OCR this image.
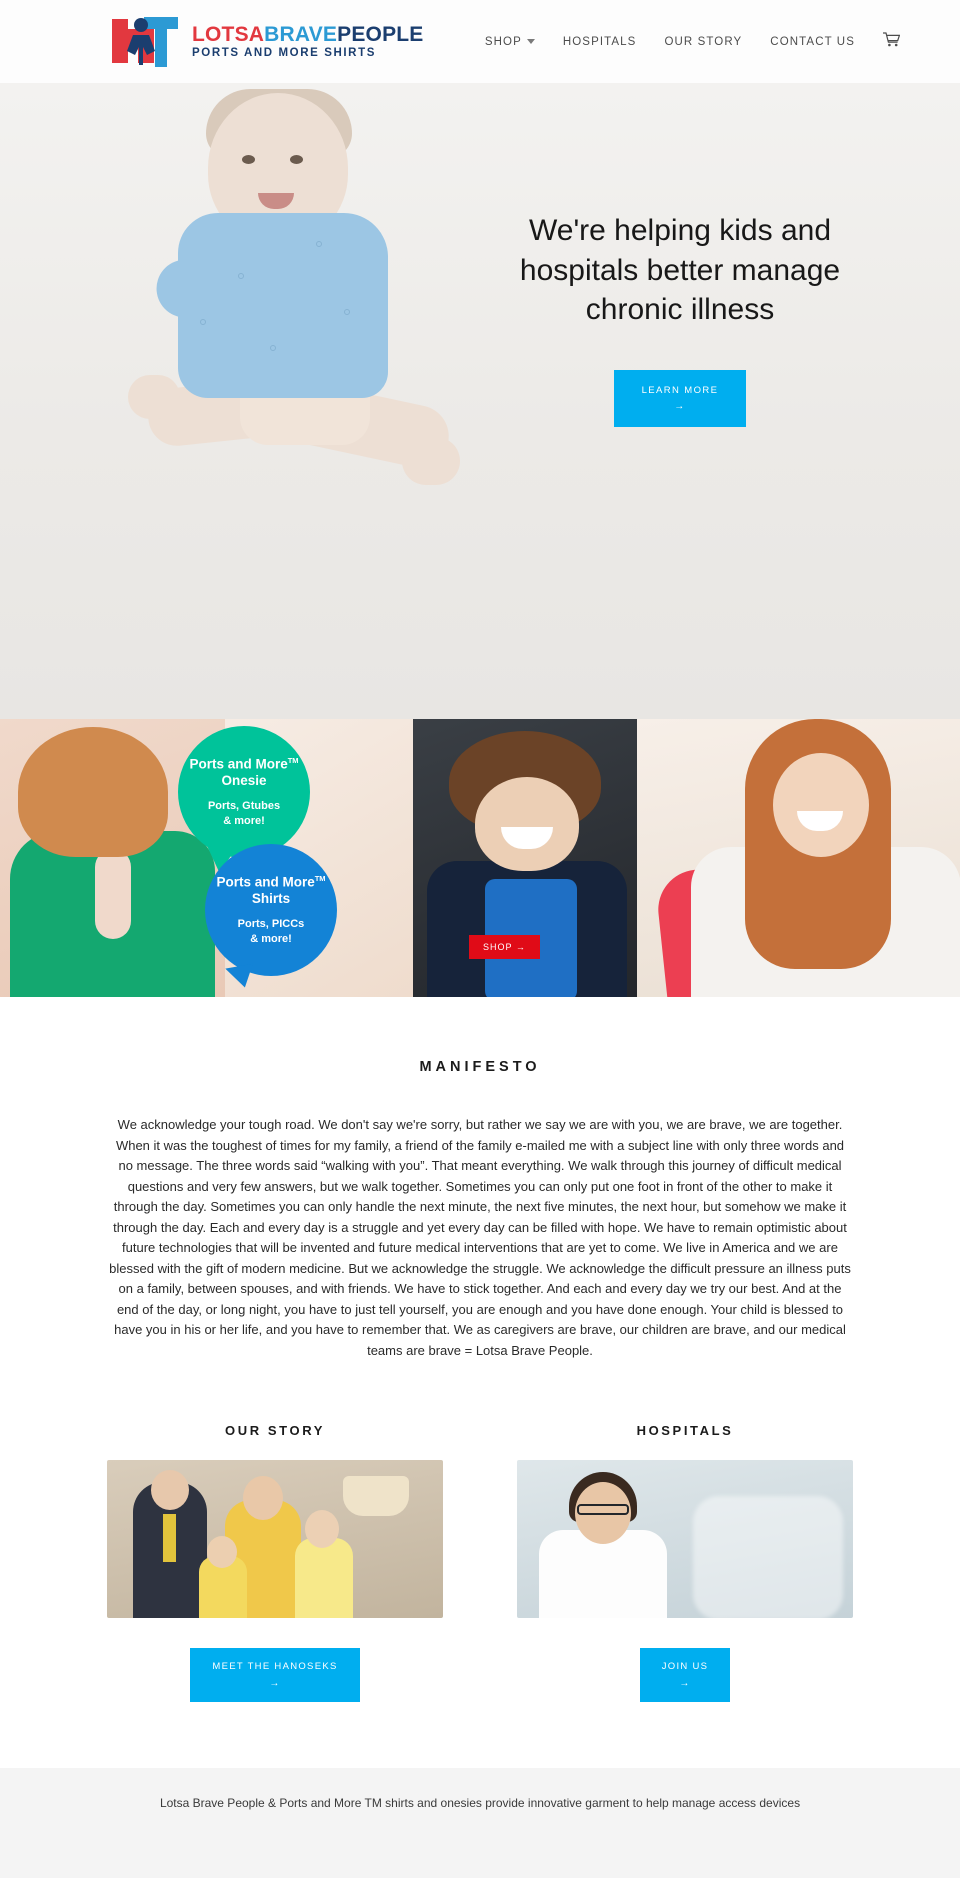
LOTSABRAVEPEOPLE
PORTS AND MORE SHIRTS
SHOP	HOSPITALS OUR STORY CONTACT US
We're helping kids and hospitals better manage chronic illness
LEARN MORE
→
SHOP →
Ports and More™
Onesie
Ports, Gtubes
& more!
Ports and More™
Shirts
Ports, PICCs
& more!
MANIFESTO

We acknowledge your tough road. We don't say we're sorry, but rather we say we are with you, we are brave, we are together. When it was the toughest of times for my family, a friend of the family e-mailed me with a subject line with only three words and no message. The three words said “walking with you”. That meant everything. We walk through this journey of difficult medical questions and very few answers, but we walk together. Sometimes you can only put one foot in front of the other to make it through the day. Sometimes you can only handle the next minute, the next five minutes, the next hour, but somehow we make it through the day. Each and every day is a struggle and yet every day can be filled with hope. We have to remain optimistic about future technologies that will be invented and future medical interventions that are yet to come. We live in America and we are blessed with the gift of modern medicine. But we acknowledge the struggle. We acknowledge the difficult pressure an illness puts on a family, between spouses, and with friends. We have to stick together. And each and every day we try our best. And at the end of the day, or long night, you have to just tell yourself, you are enough and you have done enough. Your child is blessed to have you in his or her life, and you have to remember that. We as caregivers are brave, our children are brave, and our medical teams are brave = Lotsa Brave People.

OUR STORY
MEET THE HANOSEKS
→
HOSPITALS
JOIN US
→
Lotsa Brave People & Ports and More TM shirts and onesies provide innovative garment to help manage access devices
